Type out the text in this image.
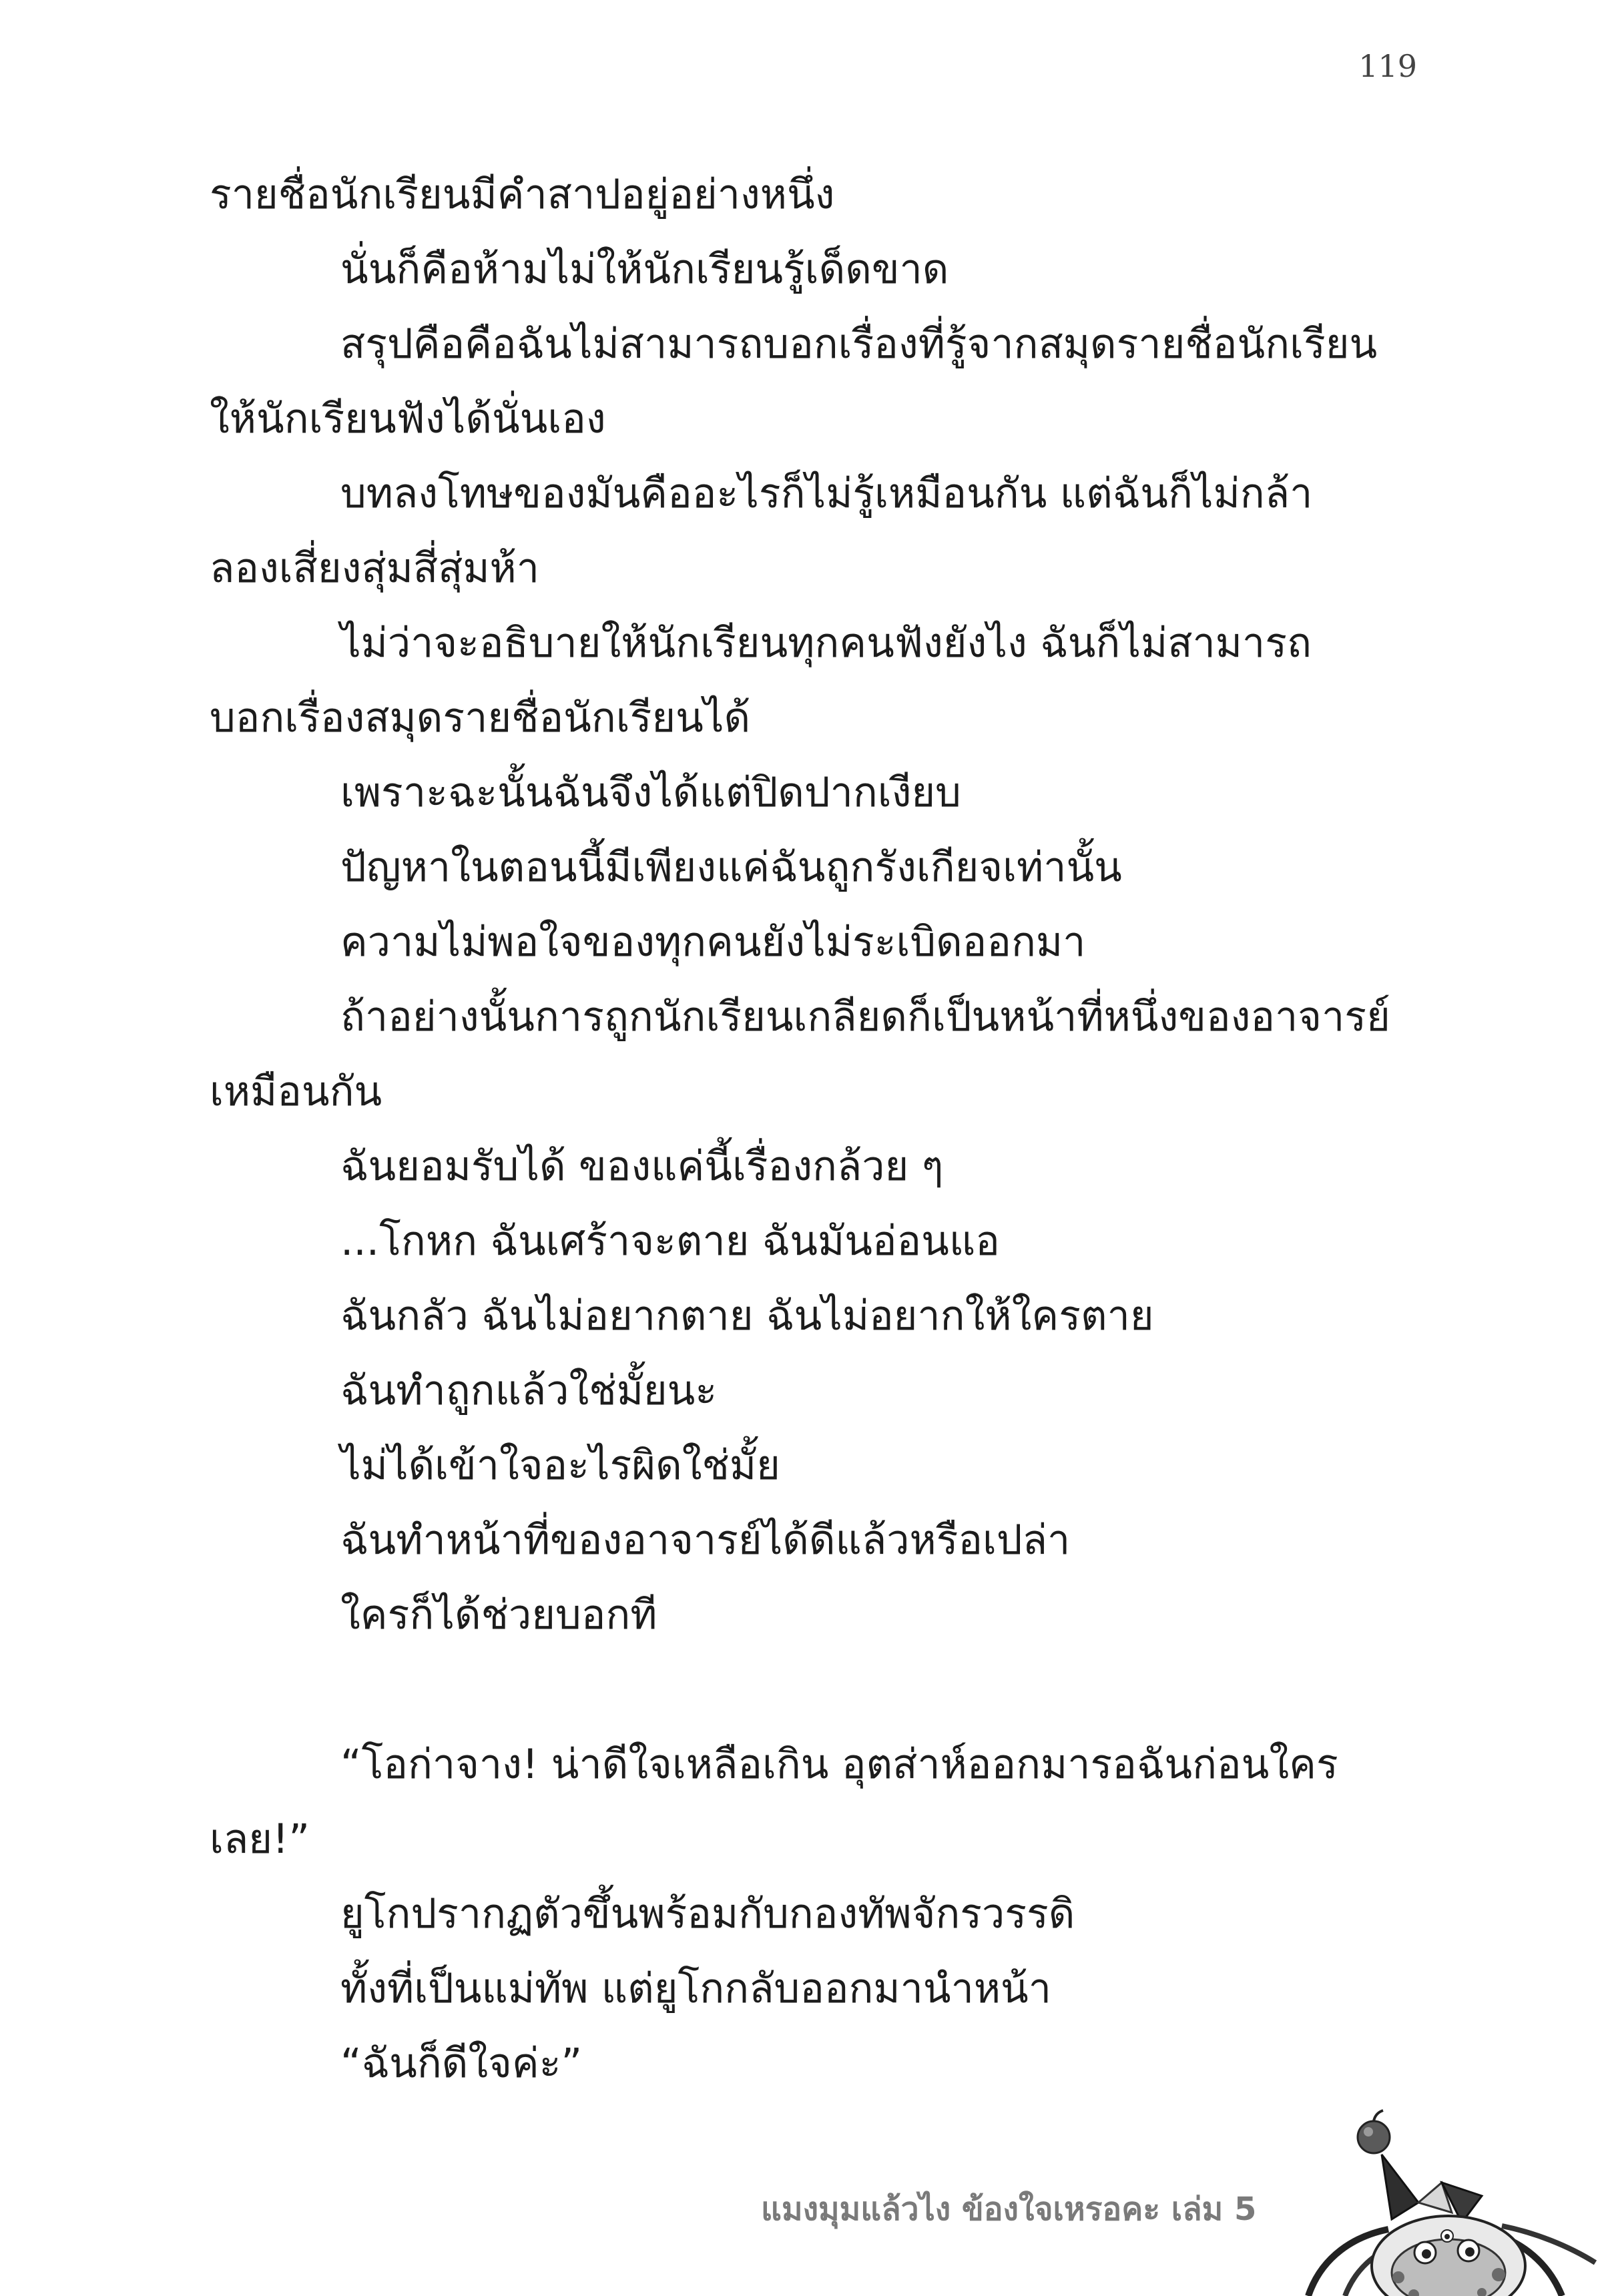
119
รายชื่อนักเรียนมีคำสาปอยู่อย่างหนึ่ง
นั่นก็คือห้ามไม่ให้นักเรียนรู้เด็ดขาด
สรุปคือคือฉันไม่สามารถบอกเรื่องที่รู้จากสมุดรายชื่อนักเรียน
ให้นักเรียนฟังได้นั่นเอง
บทลงโทษของมันคืออะไรก็ไม่รู้เหมือนกัน แต่ฉันก็ไม่กล้า
ลองเสี่ยงสุ่มสี่สุ่มห้า
ไม่ว่าจะอธิบายให้นักเรียนทุกคนฟังยังไง ฉันก็ไม่สามารถ
บอกเรื่องสมุดรายชื่อนักเรียนได้
เพราะฉะนั้นฉันจึงได้แต่ปิดปากเงียบ
ปัญหาในตอนนี้มีเพียงแค่ฉันถูกรังเกียจเท่านั้น
ความไม่พอใจของทุกคนยังไม่ระเบิดออกมา
ถ้าอย่างนั้นการถูกนักเรียนเกลียดก็เป็นหน้าที่หนึ่งของอาจารย์
เหมือนกัน
ฉันยอมรับได้ ของแค่นี้เรื่องกล้วย ๆ
...โกหก ฉันเศร้าจะตาย ฉันมันอ่อนแอ
ฉันกลัว ฉันไม่อยากตาย ฉันไม่อยากให้ใครตาย
ฉันทำถูกแล้วใช่มั้ยนะ
ไม่ได้เข้าใจอะไรผิดใช่มั้ย
ฉันทำหน้าที่ของอาจารย์ได้ดีแล้วหรือเปล่า
ใครก็ได้ช่วยบอกที
“โอก่าจาง! น่าดีใจเหลือเกิน อุตส่าห์ออกมารอฉันก่อนใคร
เลย!”
ยูโกปรากฏตัวขึ้นพร้อมกับกองทัพจักรวรรดิ
ทั้งที่เป็นแม่ทัพ แต่ยูโกกลับออกมานำหน้า
“ฉันก็ดีใจค่ะ”
แมงมุมแล้วไง ข้องใจเหรอคะ เล่ม 5
